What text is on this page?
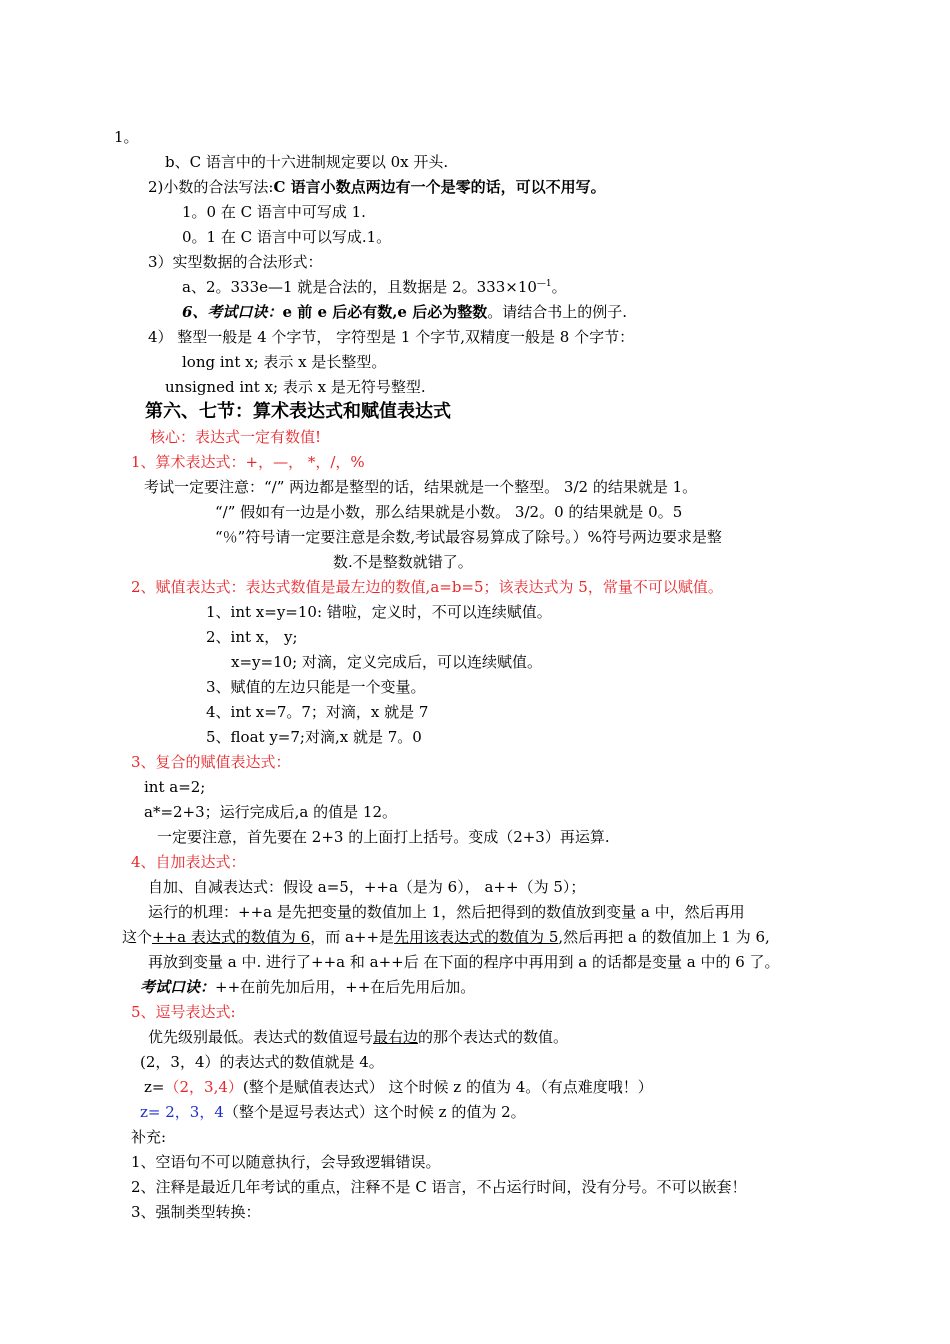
1。
b、C 语言中的十六进制规定要以 0x 开头.
2)小数的合法写法:C 语言小数点两边有一个是零的话，可以不用写。
1。0 在 C 语言中可写成 1.
0。1 在 C 语言中可以写成.1。
3）实型数据的合法形式：
a、2。333e—1 就是合法的，且数据是 2。$333\times 10^{—1}$。
6、考试口诀：e 前 e 后必有数,e 后必为整数。请结合书上的例子.
4） 整型一般是 4 个字节， 字符型是 1 个字节,双精度一般是 8 个字节：
long int x; 表示 x 是长整型。
unsigned int x; 表示 x 是无符号整型.
第六、七节：算术表达式和赋值表达式
核心：表达式一定有数值!
1、算术表达式：+，—， *，/，%
考试一定要注意：“/” 两边都是整型的话，结果就是一个整型。 3/2 的结果就是 1。
“/” 假如有一边是小数，那么结果就是小数。 3/2。0 的结果就是 0。5
“％”符号请一定要注意是余数,考试最容易算成了除号。）%符号两边要求是整
数.不是整数就错了。
2、赋值表达式：表达式数值是最左边的数值,a=b=5；该表达式为 5，常量不可以赋值。
1、int x=y=10: 错啦，定义时，不可以连续赋值。
2、int x， y;
x=y=10; 对滴，定义完成后，可以连续赋值。
3、赋值的左边只能是一个变量。
4、int x=7。7；对滴，x 就是 7
5、float y=7;对滴,x 就是 7。0
3、复合的赋值表达式：
int a=2;
a*=2+3；运行完成后,a 的值是 12。
一定要注意，首先要在 2+3 的上面打上括号。变成（2+3）再运算.
4、自加表达式：
自加、自减表达式：假设 a=5，++a（是为 6）， a++（为 5）；
运行的机理：++a 是先把变量的数值加上 1，然后把得到的数值放到变量 a 中，然后再用
这个++a 表达式的数值为 6，而 a++是先用该表达式的数值为 5,然后再把 a 的数值加上 1 为 6,
再放到变量 a 中. 进行了++a 和 a++后 在下面的程序中再用到 a 的话都是变量 a 中的 6 了。
考试口诀：++在前先加后用，++在后先用后加。
5、逗号表达式:
优先级别最低。表达式的数值逗号最右边的那个表达式的数值。
(2，3，4）的表达式的数值就是 4。
z=（2，3,4）(整个是赋值表达式） 这个时候 z 的值为 4。（有点难度哦！）
z= 2，3，4（整个是逗号表达式）这个时候 z 的值为 2。
补充:
1、空语句不可以随意执行，会导致逻辑错误。
2、注释是最近几年考试的重点，注释不是 C 语言，不占运行时间，没有分号。不可以嵌套！
3、强制类型转换：
